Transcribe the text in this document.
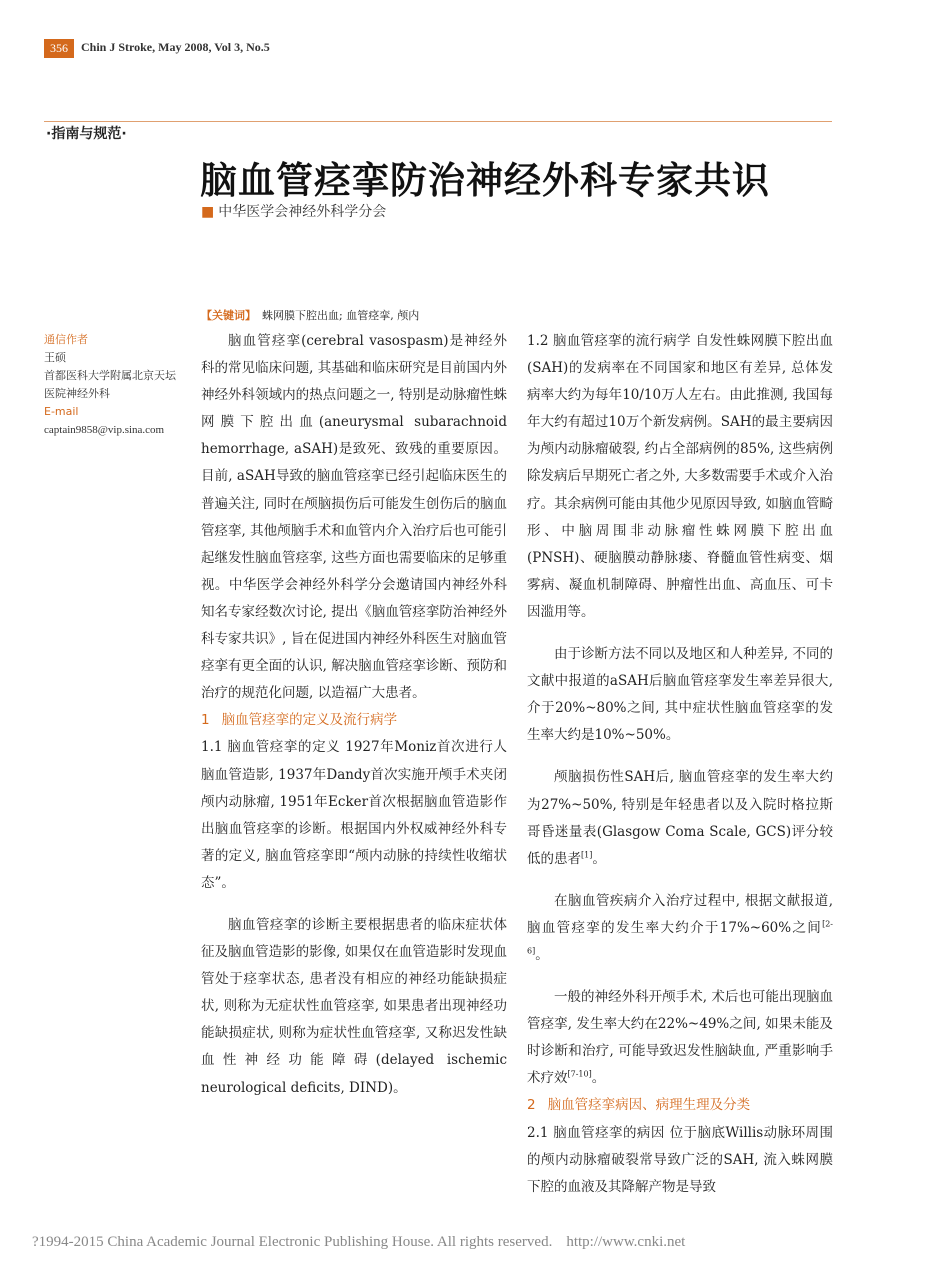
356	Chin J Stroke, May 2008, Vol 3, No.5
·指南与规范·
脑血管痉挛防治神经外科专家共识
■ 中华医学会神经外科学分会
【关键词】 蛛网膜下腔出血; 血管痉挛, 颅内
通信作者
王硕
首都医科大学附属北京天坛医院神经外科
E-mail
captain9858@vip.sina.com

脑血管痉挛(cerebral vasospasm)是神经外科的常见临床问题, 其基础和临床研究是目前国内外神经外科领域内的热点问题之一, 特别是动脉瘤性蛛网膜下腔出血(aneurysmal subarachnoid hemorrhage, aSAH)是致死、致残的重要原因。目前, aSAH导致的脑血管痉挛已经引起临床医生的普遍关注, 同时在颅脑损伤后可能发生创伤后的脑血管痉挛, 其他颅脑手术和血管内介入治疗后也可能引起继发性脑血管痉挛, 这些方面也需要临床的足够重视。中华医学会神经外科学分会邀请国内神经外科知名专家经数次讨论, 提出《脑血管痉挛防治神经外科专家共识》, 旨在促进国内神经外科医生对脑血管痉挛有更全面的认识, 解决脑血管痉挛诊断、预防和治疗的规范化问题, 以造福广大患者。

1 脑血管痉挛的定义及流行病学

1.1 脑血管痉挛的定义 1927年Moniz首次进行人脑血管造影, 1937年Dandy首次实施开颅手术夹闭颅内动脉瘤, 1951年Ecker首次根据脑血管造影作出脑血管痉挛的诊断。根据国内外权威神经外科专著的定义, 脑血管痉挛即“颅内动脉的持续性收缩状态”。

脑血管痉挛的诊断主要根据患者的临床症状体征及脑血管造影的影像, 如果仅在血管造影时发现血管处于痉挛状态, 患者没有相应的神经功能缺损症状, 则称为无症状性血管痉挛, 如果患者出现神经功能缺损症状, 则称为症状性血管痉挛, 又称迟发性缺血性神经功能障碍(delayed ischemic neurological deficits, DIND)。

1.2 脑血管痉挛的流行病学 自发性蛛网膜下腔出血(SAH)的发病率在不同国家和地区有差异, 总体发病率大约为每年10/10万人左右。由此推测, 我国每年大约有超过10万个新发病例。SAH的最主要病因为颅内动脉瘤破裂, 约占全部病例的85%, 这些病例除发病后早期死亡者之外, 大多数需要手术或介入治疗。其余病例可能由其他少见原因导致, 如脑血管畸形、中脑周围非动脉瘤性蛛网膜下腔出血(PNSH)、硬脑膜动静脉瘘、脊髓血管性病变、烟雾病、凝血机制障碍、肿瘤性出血、高血压、可卡因滥用等。

由于诊断方法不同以及地区和人种差异, 不同的文献中报道的aSAH后脑血管痉挛发生率差异很大, 介于20%~80%之间, 其中症状性脑血管痉挛的发生率大约是10%~50%。

颅脑损伤性SAH后, 脑血管痉挛的发生率大约为27%~50%, 特别是年轻患者以及入院时格拉斯哥昏迷量表(Glasgow Coma Scale, GCS)评分较低的患者[1]。

在脑血管疾病介入治疗过程中, 根据文献报道, 脑血管痉挛的发生率大约介于17%~60%之间[2-6]。

一般的神经外科开颅手术, 术后也可能出现脑血管痉挛, 发生率大约在22%~49%之间, 如果未能及时诊断和治疗, 可能导致迟发性脑缺血, 严重影响手术疗效[7-10]。

2 脑血管痉挛病因、病理生理及分类

2.1 脑血管痉挛的病因 位于脑底Willis动脉环周围的颅内动脉瘤破裂常导致广泛的SAH, 流入蛛网膜下腔的血液及其降解产物是导致

?1994-2015 China Academic Journal Electronic Publishing House. All rights reserved. http://www.cnki.net
